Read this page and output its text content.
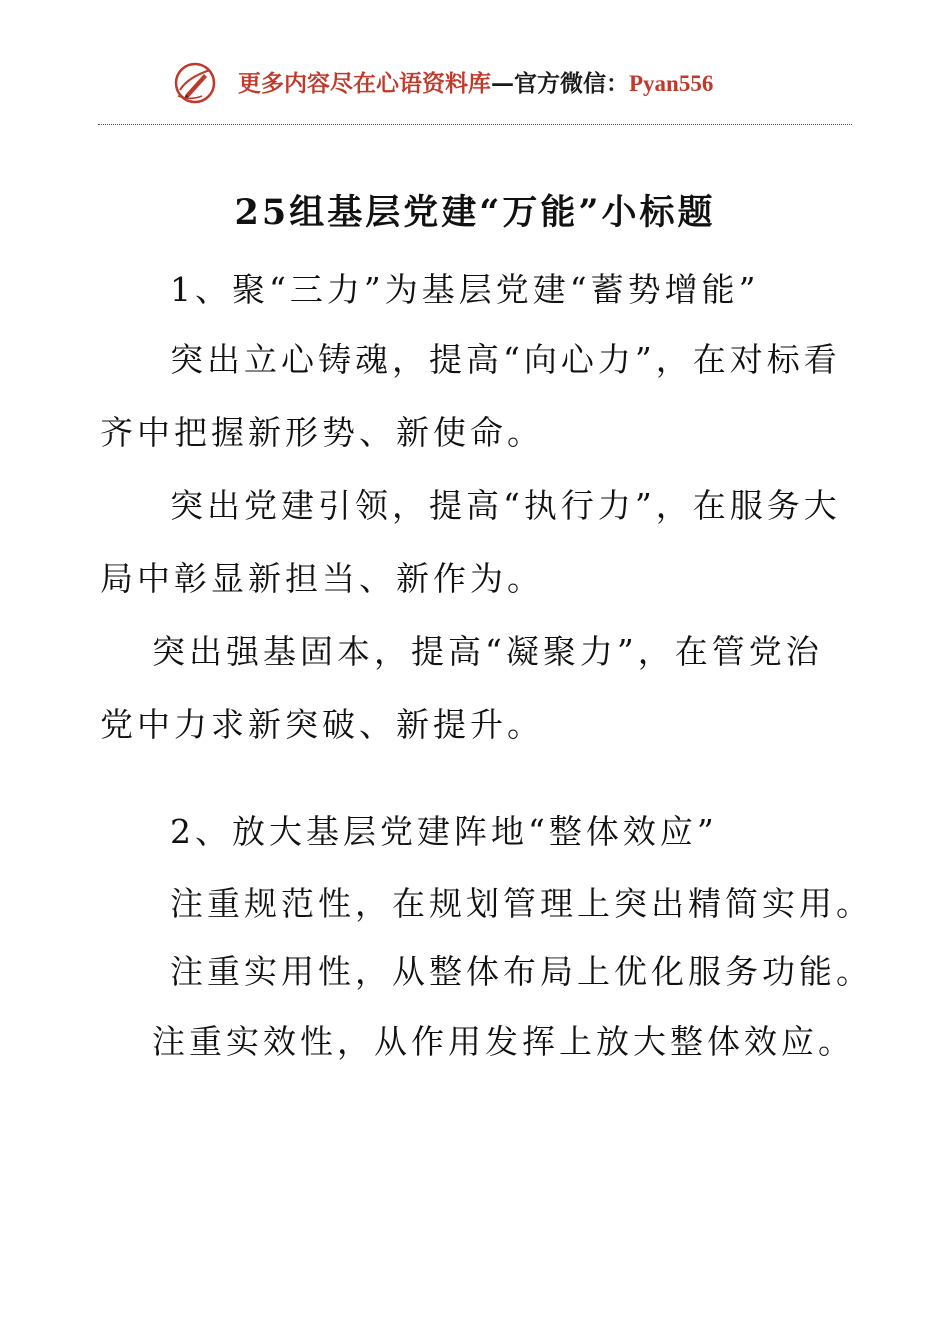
更多内容尽在心语资料库—官方微信：Pyan556
25组基层党建“万能”小标题
1、聚“三力”为基层党建“蓄势增能”
突出立心铸魂，提高“向心力”，在对标看
齐中把握新形势、新使命。
突出党建引领，提高“执行力”，在服务大
局中彰显新担当、新作为。
突出强基固本，提高“凝聚力”，在管党治
党中力求新突破、新提升。
2、放大基层党建阵地“整体效应”
注重规范性，在规划管理上突出精简实用。
注重实用性，从整体布局上优化服务功能。
注重实效性，从作用发挥上放大整体效应。
